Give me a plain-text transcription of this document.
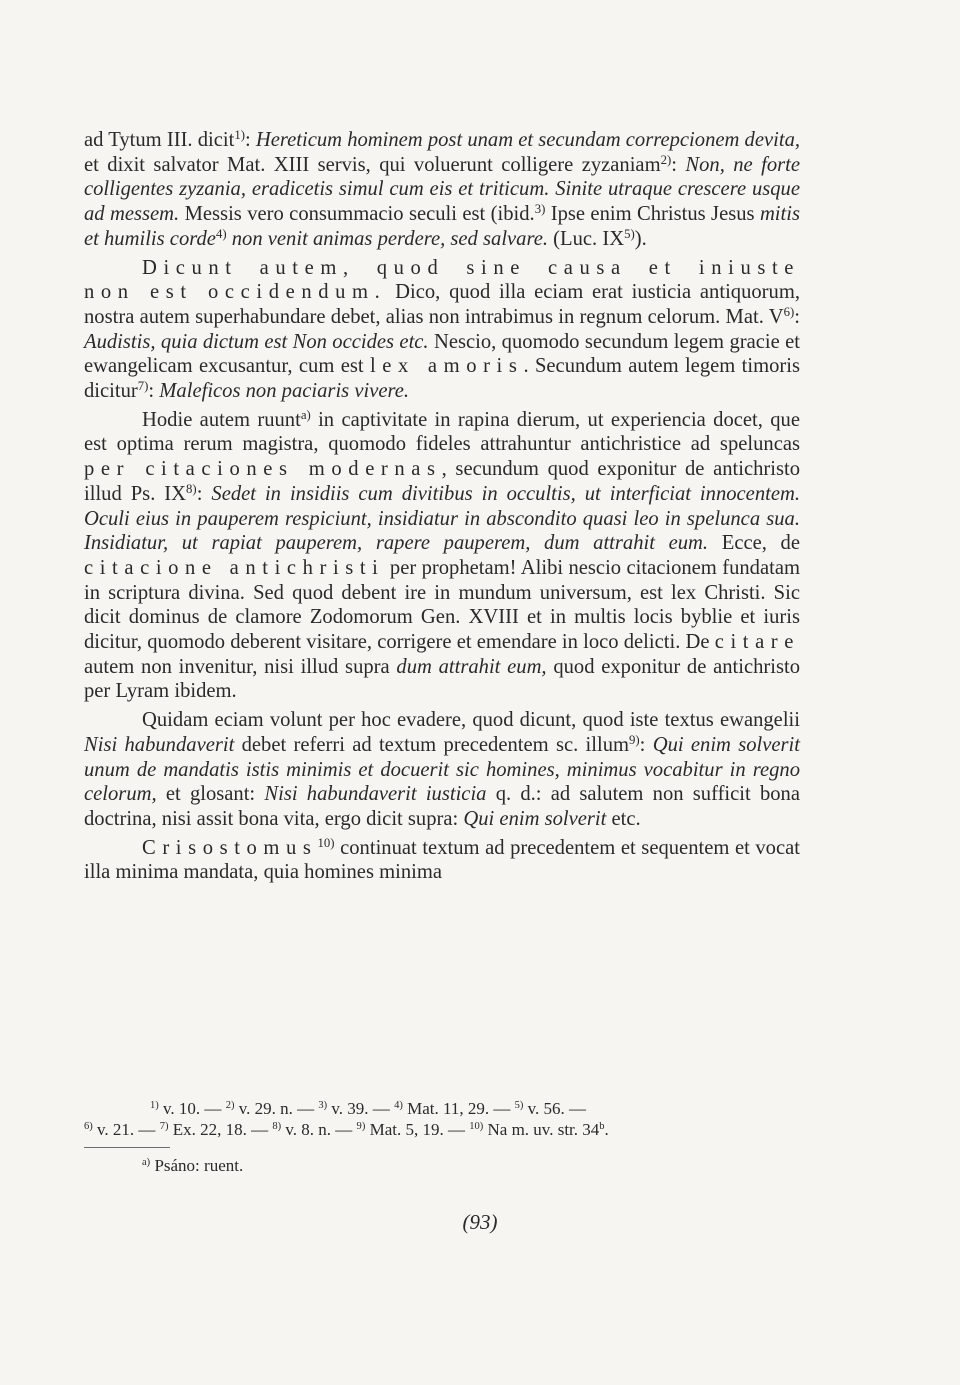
ad Tytum III. dicit$^{1)}$: Hereticum hominem post unam et secundam correpcionem devita, et dixit salvator Mat. XIII servis, qui voluerunt colligere zyzaniam$^{2)}$: Non, ne forte colligentes zyzania, eradicetis simul cum eis et triticum. Sinite utraque crescere usque ad messem. Messis vero consummacio seculi est (ibid.$^{3)}$ Ipse enim Christus Jesus mitis et humilis corde$^{4)}$ non venit animas perdere, sed salvare. (Luc. IX$^{5)}$).

Dicunt autem, quod sine causa et iniuste non est occidendum. Dico, quod illa eciam erat iusticia antiquorum, nostra autem superhabundare debet, alias non intrabimus in regnum celorum. Mat. $V^{6)}$: Audistis, quia dictum est Non occides etc. Nescio, quomodo secundum legem gracie et ewangelicam excusantur, cum est lex amoris. Secundum autem legem timoris dicitur$^{7)}$: Maleficos non paciaris vivere.

Hodie autem ruunt$^{a)}$ in captivitate in rapina dierum, ut experiencia docet, que est optima rerum magistra, quomodo fideles attrahuntur antichristice ad speluncas per citaciones modernas, secundum quod exponitur de antichristo illud Ps. IX$^{8)}$: Sedet in insidiis cum divitibus in occultis, ut interficiat innocentem. Oculi eius in pauperem respiciunt, insidiatur in abscondito quasi leo in spelunca sua. Insidiatur, ut rapiat pauperem, rapere pauperem, dum attrahit eum. Ecce, de citacione antichristi per prophetam! Alibi nescio citacionem fundatam in scriptura divina. Sed quod debent ire in mundum universum, est lex Christi. Sic dicit dominus de clamore Zodomorum Gen. XVIII et in multis locis byblie et iuris dicitur, quomodo deberent visitare, corrigere et emendare in loco delicti. De citare autem non invenitur, nisi illud supra dum attrahit eum, quod exponitur de antichristo per Lyram ibidem.

Quidam eciam volunt per hoc evadere, quod dicunt, quod iste textus ewangelii Nisi habundaverit debet referri ad textum precedentem sc. illum$^{9)}$: Qui enim solverit unum de mandatis istis minimis et docuerit sic homines, minimus vocabitur in regno celorum, et glosant: Nisi habundaverit iusticia q. d.: ad salutem non sufficit bona doctrina, nisi assit bona vita, ergo dicit supra: Qui enim solverit etc.

Crisostomus$^{10)}$ continuat textum ad precedentem et sequentem et vocat illa minima mandata, quia homines minima

$^{1)}$ v. 10. — $^{2)}$ v. 29. n. — $^{3)}$ v. 39. — $^{4)}$ Mat. 11, 29. — $^{5)}$ v. 56. —

$^{6)}$ v. 21. — $^{7)}$ Ex. 22, 18. — $^{8)}$ v. 8. n. — $^{9)}$ Mat. 5, 19. — $^{10)}$ Na m. uv. str. 34$^b$.

$^{a)}$ Psáno: ruent.
(93)
